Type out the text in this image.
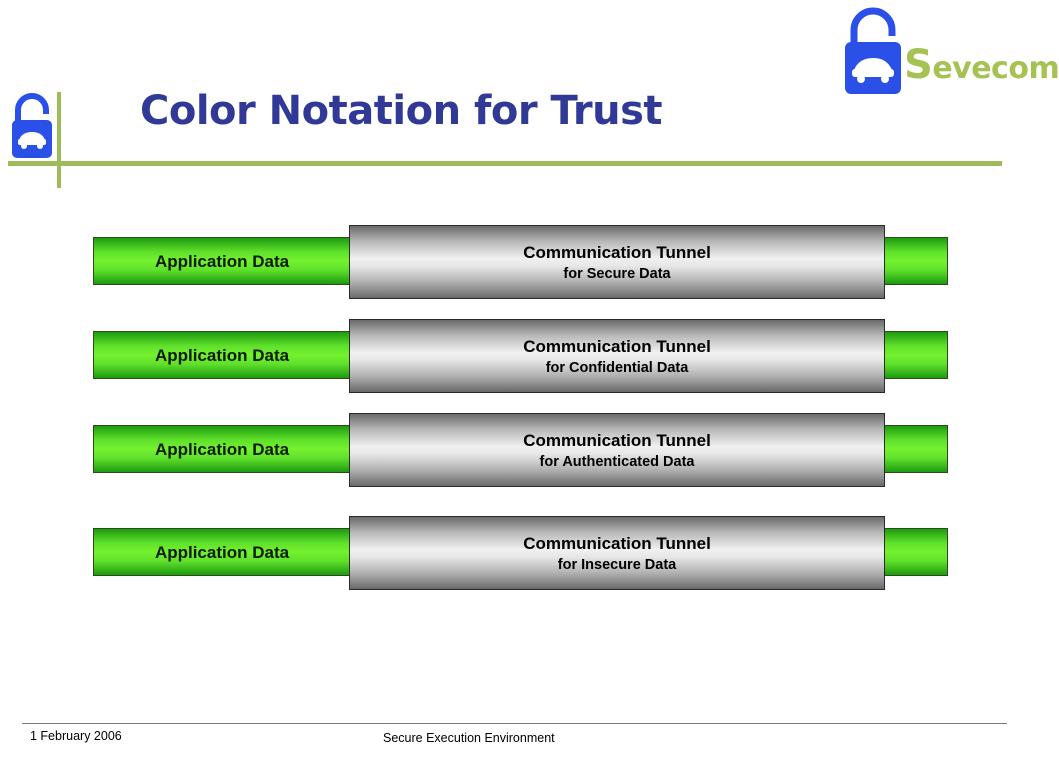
Color Notation for Trust
Sevecom
Application Data	Communication Tunnel
for Secure Data
Application Data	Communication Tunnel
for Confidential Data
Application Data	Communication Tunnel
for Authenticated Data
Application Data	Communication Tunnel
for Insecure Data
1 February 2006	Secure Execution Environment
